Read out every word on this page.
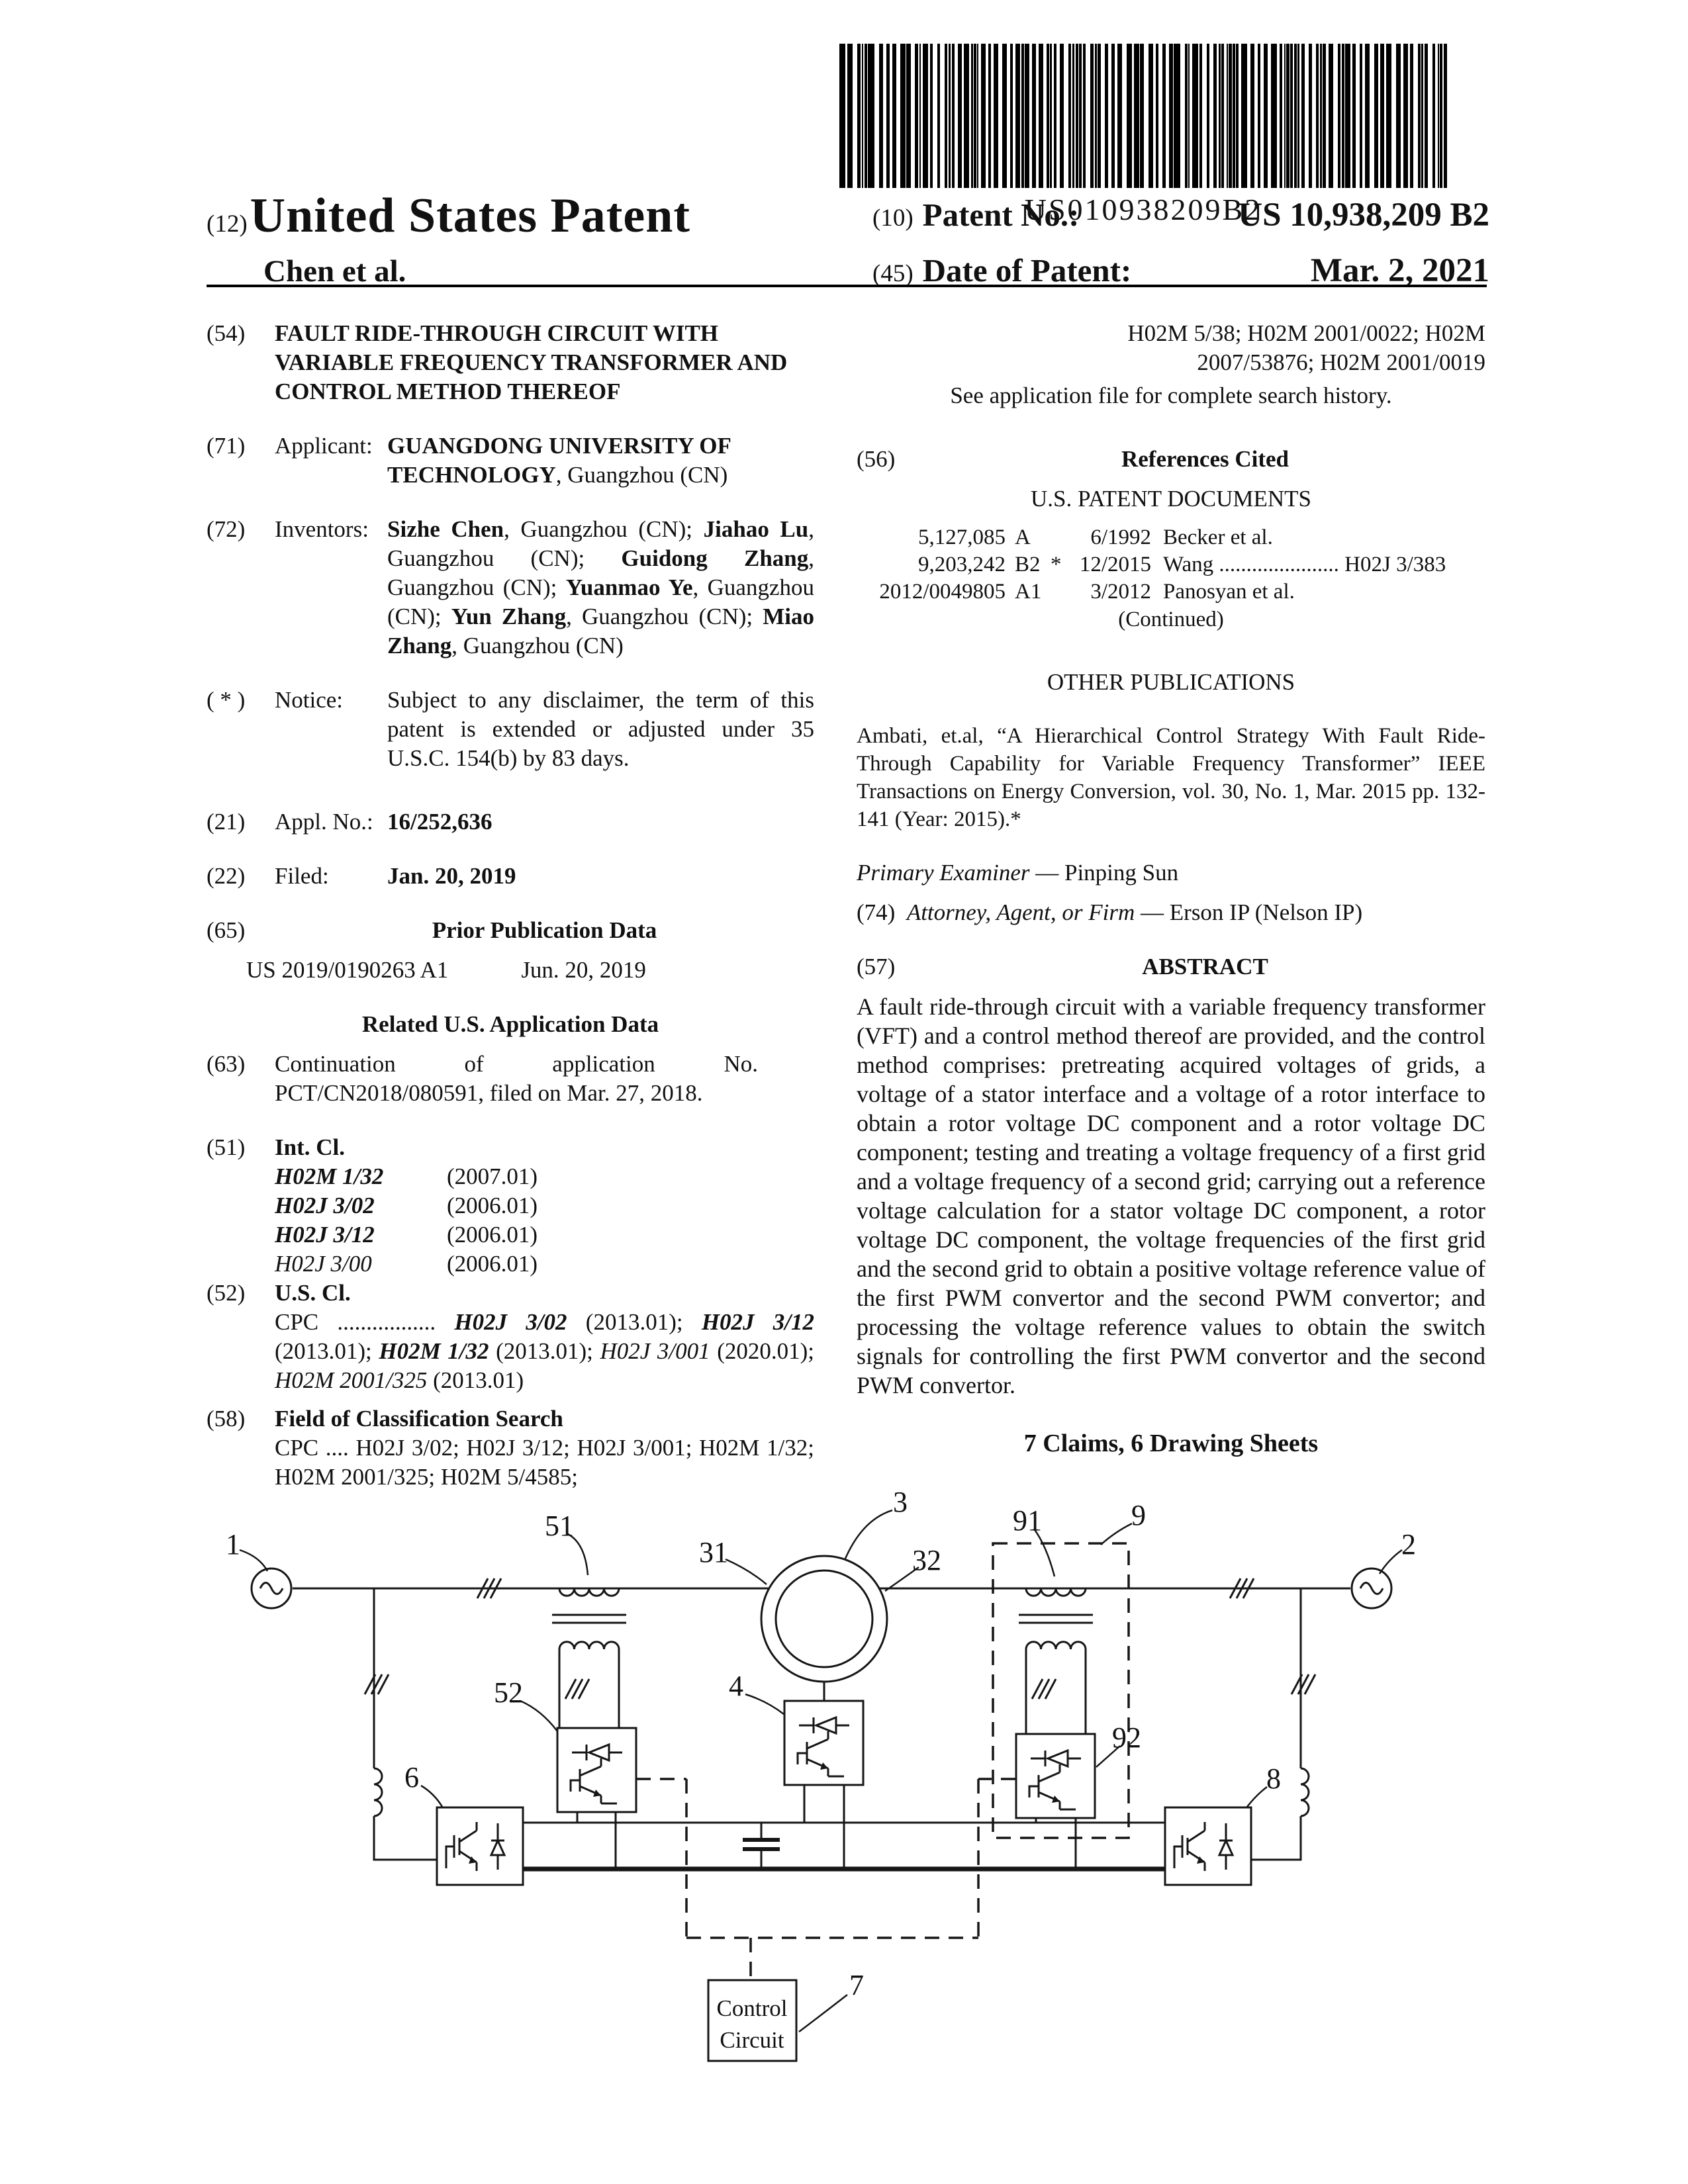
US010938209B2
(12) United States Patent
Chen et al.
(10) Patent No.:	US 10,938,209 B2
(45) Date of Patent:	Mar. 2, 2021
(54)	FAULT RIDE-THROUGH CIRCUIT WITH VARIABLE FREQUENCY TRANSFORMER AND CONTROL METHOD THEREOF
(71)	Applicant: GUANGDONG UNIVERSITY OF TECHNOLOGY, Guangzhou (CN)
(72)	Inventors: Sizhe Chen, Guangzhou (CN); Jiahao Lu, Guangzhou (CN); Guidong Zhang, Guangzhou (CN); Yuanmao Ye, Guangzhou (CN); Yun Zhang, Guangzhou (CN); Miao Zhang, Guangzhou (CN)
( * )	Notice:	Subject to any disclaimer, the term of this patent is extended or adjusted under 35 U.S.C. 154(b) by 83 days.
(21)	Appl. No.: 16/252,636
(22)	Filed:	Jan. 20, 2019
(65)	Prior Publication Data
US 2019/0190263 A1	Jun. 20, 2019
Related U.S. Application Data
(63)	Continuation of application No. PCT/CN2018/080591, filed on Mar. 27, 2018.
(51)	Int. Cl.
H02M 1/32	(2007.01)
H02J 3/02	(2006.01)
H02J 3/12	(2006.01)
H02J 3/00	(2006.01)
(52)	U.S. Cl.
CPC ................. H02J 3/02 (2013.01); H02J 3/12 (2013.01); H02M 1/32 (2013.01); H02J 3/001 (2020.01); H02M 2001/325 (2013.01)
(58)	Field of Classification Search
CPC .... H02J 3/02; H02J 3/12; H02J 3/001; H02M 1/32; H02M 2001/325; H02M 5/4585;
H02M 5/38; H02M 2001/0022; H02M
2007/53876; H02M 2001/0019
See application file for complete search history.
(56)	References Cited
U.S. PATENT DOCUMENTS
5,127,085 A	6/1992 Becker et al.
9,203,242 B2 * 12/2015 Wang ...................... H02J 3/383
2012/0049805 A1	3/2012 Panosyan et al.
(Continued)
OTHER PUBLICATIONS
Ambati, et.al, “A Hierarchical Control Strategy With Fault Ride-Through Capability for Variable Frequency Transformer” IEEE Transactions on Energy Conversion, vol. 30, No. 1, Mar. 2015 pp. 132-141 (Year: 2015).*
Primary Examiner — Pinping Sun
(74) Attorney, Agent, or Firm — Erson IP (Nelson IP)
(57)	ABSTRACT
A fault ride-through circuit with a variable frequency transformer (VFT) and a control method thereof are provided, and the control method comprises: pretreating acquired voltages of grids, a voltage of a stator interface and a voltage of a rotor interface to obtain a rotor voltage DC component and a rotor voltage DC component; testing and treating a voltage frequency of a first grid and a voltage frequency of a second grid; carrying out a reference voltage calculation for a stator voltage DC component, a rotor voltage DC component, the voltage frequencies of the first grid and the second grid to obtain a positive voltage reference value of the first PWM convertor and the second PWM convertor; and processing the voltage reference values to obtain the switch signals for controlling the first PWM convertor and the second PWM convertor.
7 Claims, 6 Drawing Sheets
Control
Circuit
1	2
51
3
31	32
91	9
4
52
92
6	8
7
